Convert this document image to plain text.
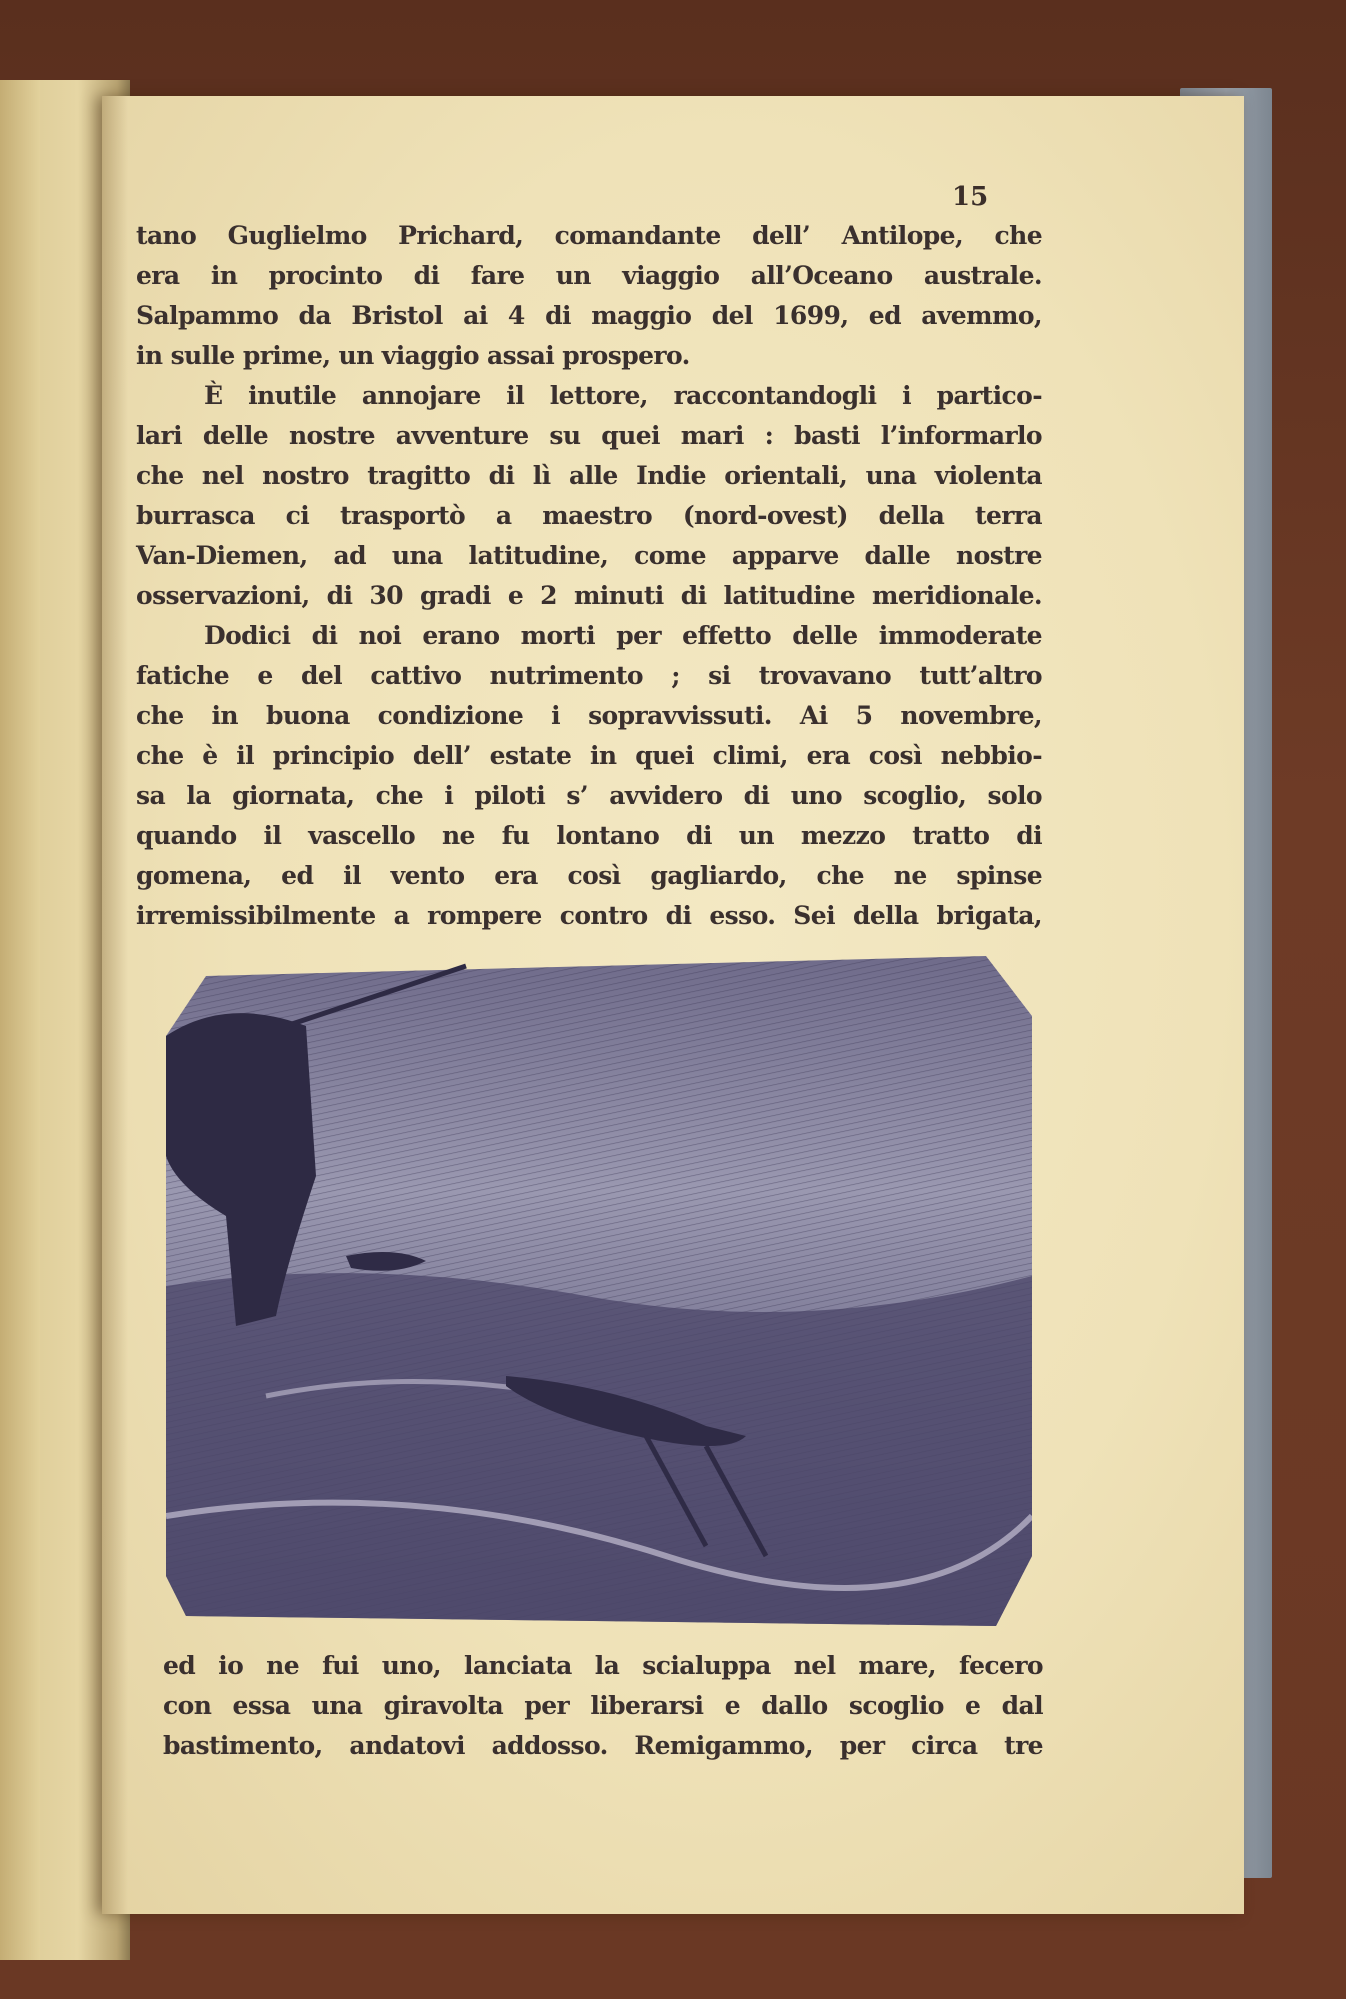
15
tano Guglielmo Prichard, comandante dell’ Antilope, che
era in procinto di fare un viaggio all’Oceano australe.
Salpammo da Bristol ai 4 di maggio del 1699, ed avemmo,
in sulle prime, un viaggio assai prospero.
È inutile annojare il lettore, raccontandogli i partico-
lari delle nostre avventure su quei mari : basti l’informarlo
che nel nostro tragitto di lì alle Indie orientali, una violenta
burrasca ci trasportò a maestro (nord-ovest) della terra
Van-Diemen, ad una latitudine, come apparve dalle nostre
osservazioni, di 30 gradi e 2 minuti di latitudine meridionale.
Dodici di noi erano morti per effetto delle immoderate
fatiche e del cattivo nutrimento ; si trovavano tutt’altro
che in buona condizione i sopravvissuti. Ai 5 novembre,
che è il principio dell’ estate in quei climi, era così nebbio-
sa la giornata, che i piloti s’ avvidero di uno scoglio, solo
quando il vascello ne fu lontano di un mezzo tratto di
gomena, ed il vento era così gagliardo, che ne spinse
irremissibilmente a rompere contro di esso. Sei della brigata,
ed io ne fui uno, lanciata la scialuppa nel mare, fecero
con essa una giravolta per liberarsi e dallo scoglio e dal
bastimento, andatovi addosso. Remigammo, per circa tre
